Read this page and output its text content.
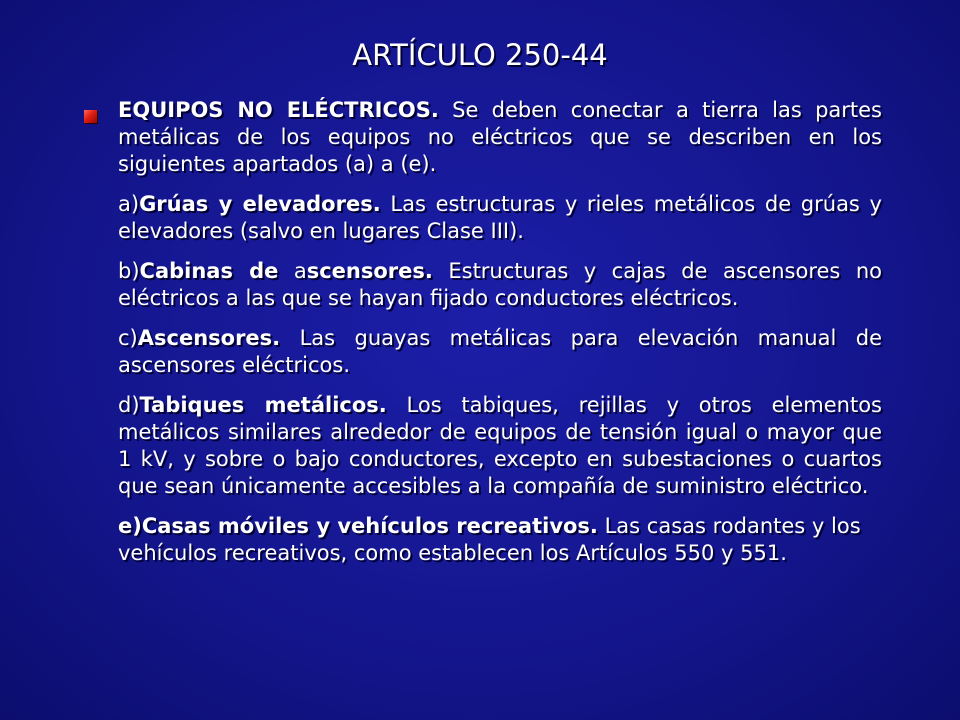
ARTÍCULO 250-44

EQUIPOS NO ELÉCTRICOS. Se deben conectar a tierra las partes metálicas de los equipos no eléctricos que se describen en los siguientes apartados (a) a (e).

a)Grúas y elevadores. Las estructuras y rieles metálicos de grúas y elevadores (salvo en lugares Clase III).

b)Cabinas de ascensores. Estructuras y cajas de ascensores no eléctricos a las que se hayan fijado conductores eléctricos.

c)Ascensores. Las guayas metálicas para elevación manual de ascensores eléctricos.

d)Tabiques metálicos. Los tabiques, rejillas y otros elementos metálicos similares alrededor de equipos de tensión igual o mayor que 1 kV, y sobre o bajo conductores, excepto en subestaciones o cuartos que sean únicamente accesibles a la compañía de suministro eléctrico.

e)Casas móviles y vehículos recreativos. Las casas rodantes y los vehículos recreativos, como establecen los Artículos 550 y 551.
